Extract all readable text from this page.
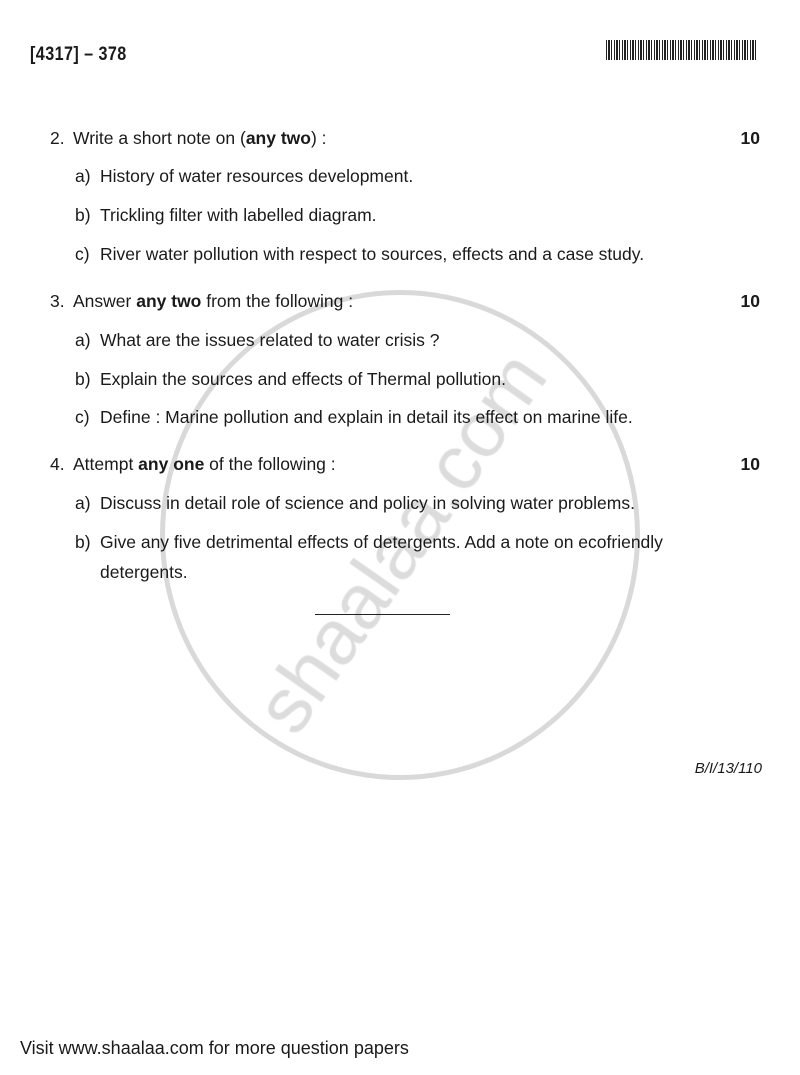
[4317] – 378
2. Write a short note on (any two) :	10
a) History of water resources development.
b) Trickling filter with labelled diagram.
c) River water pollution with respect to sources, effects and a case study.
3. Answer any two from the following :	10
a) What are the issues related to water crisis ?
b) Explain the sources and effects of Thermal pollution.
c) Define : Marine pollution and explain in detail its effect on marine life.
4. Attempt any one of the following :	10
a) Discuss in detail role of science and policy in solving water problems.
b) Give any five detrimental effects of detergents. Add a note on ecofriendly
detergents.
B/I/13/110
Visit www.shaalaa.com for more question papers
